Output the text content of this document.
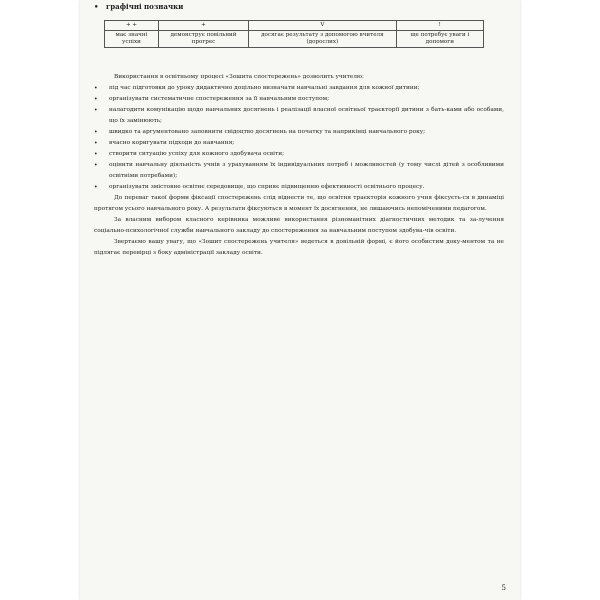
• графічні позначки
+ +	+	V	!
має значні успіхи	демонструє повільний прогрес	досягає результату з допомогою вчителя (дорослих)	ще потребує уваги і допомоги

Використання в освітньому процесі «Зошита спостережень» дозволить учителю:

• під час підготовки до уроку дидактично доцільно визначати навчальні завдання для кожної дитини;
• організувати систематичне спостереження за її навчальним поступом;
• налагодити комунікацію щодо навчальних досягнень і реалізації власної освітньої траєкторії дитини з бать-ками або особами, що їх замінюють;
• швидко та аргументовано заповнити свідоцтво досягнень на початку та наприкінці навчального року;
• вчасно коригувати підходи до навчання;
• створити ситуацію успіху для кожного здобувача освіти;
• оцінити навчальну діяльність учнів з урахуванням їх індивідуальних потреб і можливостей (у тому числі дітей з особливими освітніми потребами);
• організувати змістовне освітнє середовище, що сприяє підвищенню ефективності освітнього процесу.

До переваг такої форми фіксації спостережень слід віднести те, що освітня траєкторія кожного учня фіксуєть-ся в динаміці протягом усього навчального року. А результати фіксуються в момент їх досягнення, не лишаючись непоміченими педагогом.

За власним вибором класного керівника можливе використання різноманітних діагностичних методик та за-лучення соціально-психологічної служби навчального закладу до спостереження за навчальним поступом здобува-чів освіти.

Звертаємо вашу увагу, що «Зошит спостережень учителя» ведеться в довільній формі, є його особистим доку-ментом та не підлягає перевірці з боку адміністрації закладу освіти.

5
